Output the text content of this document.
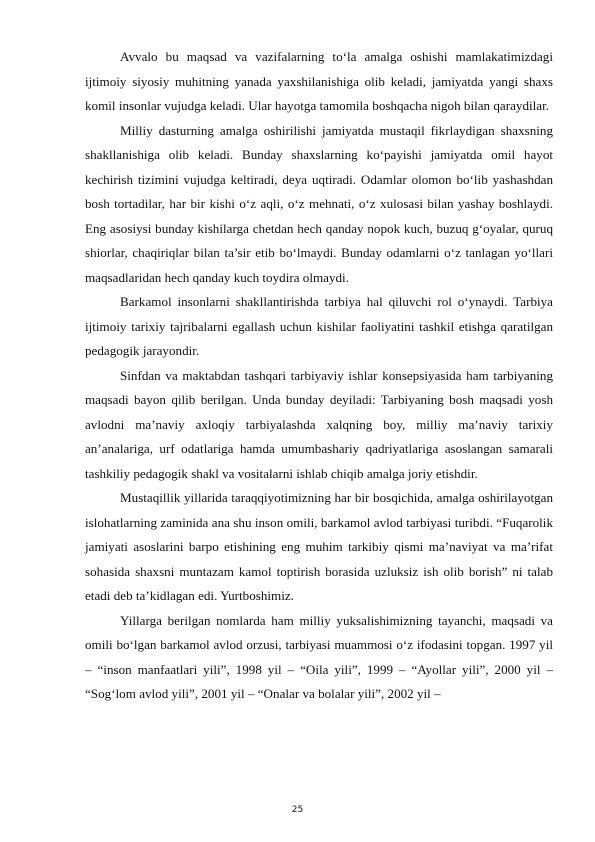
Avvalo bu maqsad va vazifalarning to‘la amalga oshishi mamlakatimizdagi ijtimoiy siyosiy muhitning yanada yaxshilanishiga olib keladi, jamiyatda yangi shaxs komil insonlar vujudga keladi. Ular hayotga tamomila boshqacha nigoh bilan qaraydilar.

Milliy dasturning amalga oshirilishi jamiyatda mustaqil fikrlaydigan shaxsning shakllanishiga olib keladi. Bunday shaxslarning ko‘payishi jamiyatda omil hayot kechirish tizimini vujudga keltiradi, deya uqtiradi. Odamlar olomon bo‘lib yashashdan bosh tortadilar, har bir kishi o‘z aqli, o‘z mehnati, o‘z xulosasi bilan yashay boshlaydi. Eng asosiysi bunday kishilarga chetdan hech qanday nopok kuch, buzuq g‘oyalar, quruq shiorlar, chaqiriqlar bilan ta’sir etib bo‘lmaydi. Bunday odamlarni o‘z tanlagan yo‘llari maqsadlaridan hech qanday kuch toydira olmaydi.

Barkamol insonlarni shakllantirishda tarbiya hal qiluvchi rol o‘ynaydi. Tarbiya ijtimoiy tarixiy tajribalarni egallash uchun kishilar faoliyatini tashkil etishga qaratilgan pedagogik jarayondir.

Sinfdan va maktabdan tashqari tarbiyaviy ishlar konsepsiyasida ham tarbiyaning maqsadi bayon qilib berilgan. Unda bunday deyiladi: Tarbiyaning bosh maqsadi yosh avlodni ma’naviy axloqiy tarbiyalashda xalqning boy, milliy ma’naviy tarixiy an’analariga, urf odatlariga hamda umumbashariy qadriyatlariga asoslangan samarali tashkiliy pedagogik shakl va vositalarni ishlab chiqib amalga joriy etishdir.

Mustaqillik yillarida taraqqiyotimizning har bir bosqichida, amalga oshirilayotgan islohatlarning zaminida ana shu inson omili, barkamol avlod tarbiyasi turibdi. “Fuqarolik jamiyati asoslarini barpo etishining eng muhim tarkibiy qismi ma’naviyat va ma’rifat sohasida shaxsni muntazam kamol toptirish borasida uzluksiz ish olib borish” ni talab etadi deb ta’kidlagan edi. Yurtboshimiz.

Yillarga berilgan nomlarda ham milliy yuksalishimizning tayanchi, maqsadi va omili bo‘lgan barkamol avlod orzusi, tarbiyasi muammosi o‘z ifodasini topgan. 1997 yil – “inson manfaatlari yili”, 1998 yil – “Oila yili”, 1999 – “Ayollar yili”, 2000 yil – “Sog‘lom avlod yili”, 2001 yil – “Onalar va bolalar yili”, 2002 yil –

25
